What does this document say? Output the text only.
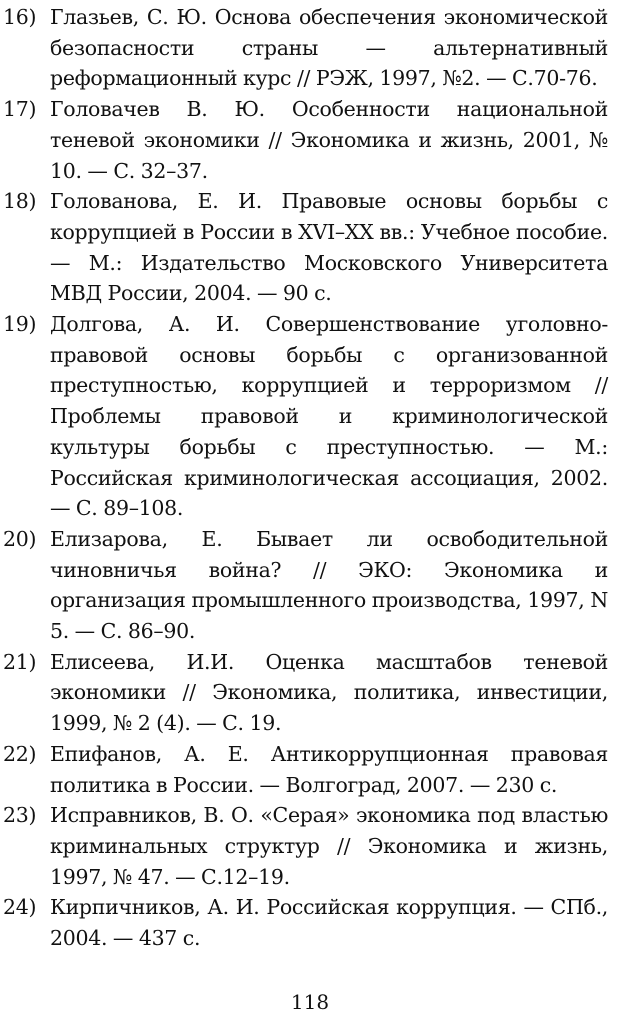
16) Глазьев, С. Ю. Основа обеспечения экономической безопасности страны — альтернативный реформационный курс // РЭЖ, 1997, №2. — С.70-76.
17) Головачев В. Ю. Особенности национальной теневой экономики // Экономика и жизнь, 2001, № 10. — С. 32–37.
18) Голованова, Е. И. Правовые основы борьбы с коррупцией в России в XVI–XX вв.: Учебное пособие. — М.: Издательство Московского Университета МВД России, 2004. — 90 с.
19) Долгова, А. И. Совершенствование уголовно-правовой основы борьбы с организованной преступностью, коррупцией и терроризмом // Проблемы правовой и криминологической культуры борьбы с преступностью. — М.: Российская криминологическая ассоциация, 2002. — С. 89–108.
20) Елизарова, Е. Бывает ли освободительной чиновничья война? // ЭКО: Экономика и организация промышленного производства, 1997, N 5. — С. 86–90.
21) Елисеева, И.И. Оценка масштабов теневой экономики // Экономика, политика, инвестиции, 1999, № 2 (4). — С. 19.
22) Епифанов, А. Е. Антикоррупционная правовая политика в России. — Волгоград, 2007. — 230 с.
23) Исправников, В. О. «Серая» экономика под властью криминальных структур // Экономика и жизнь, 1997, № 47. — С.12–19.
24) Кирпичников, А. И. Российская коррупция. — СПб., 2004. — 437 с.
118
